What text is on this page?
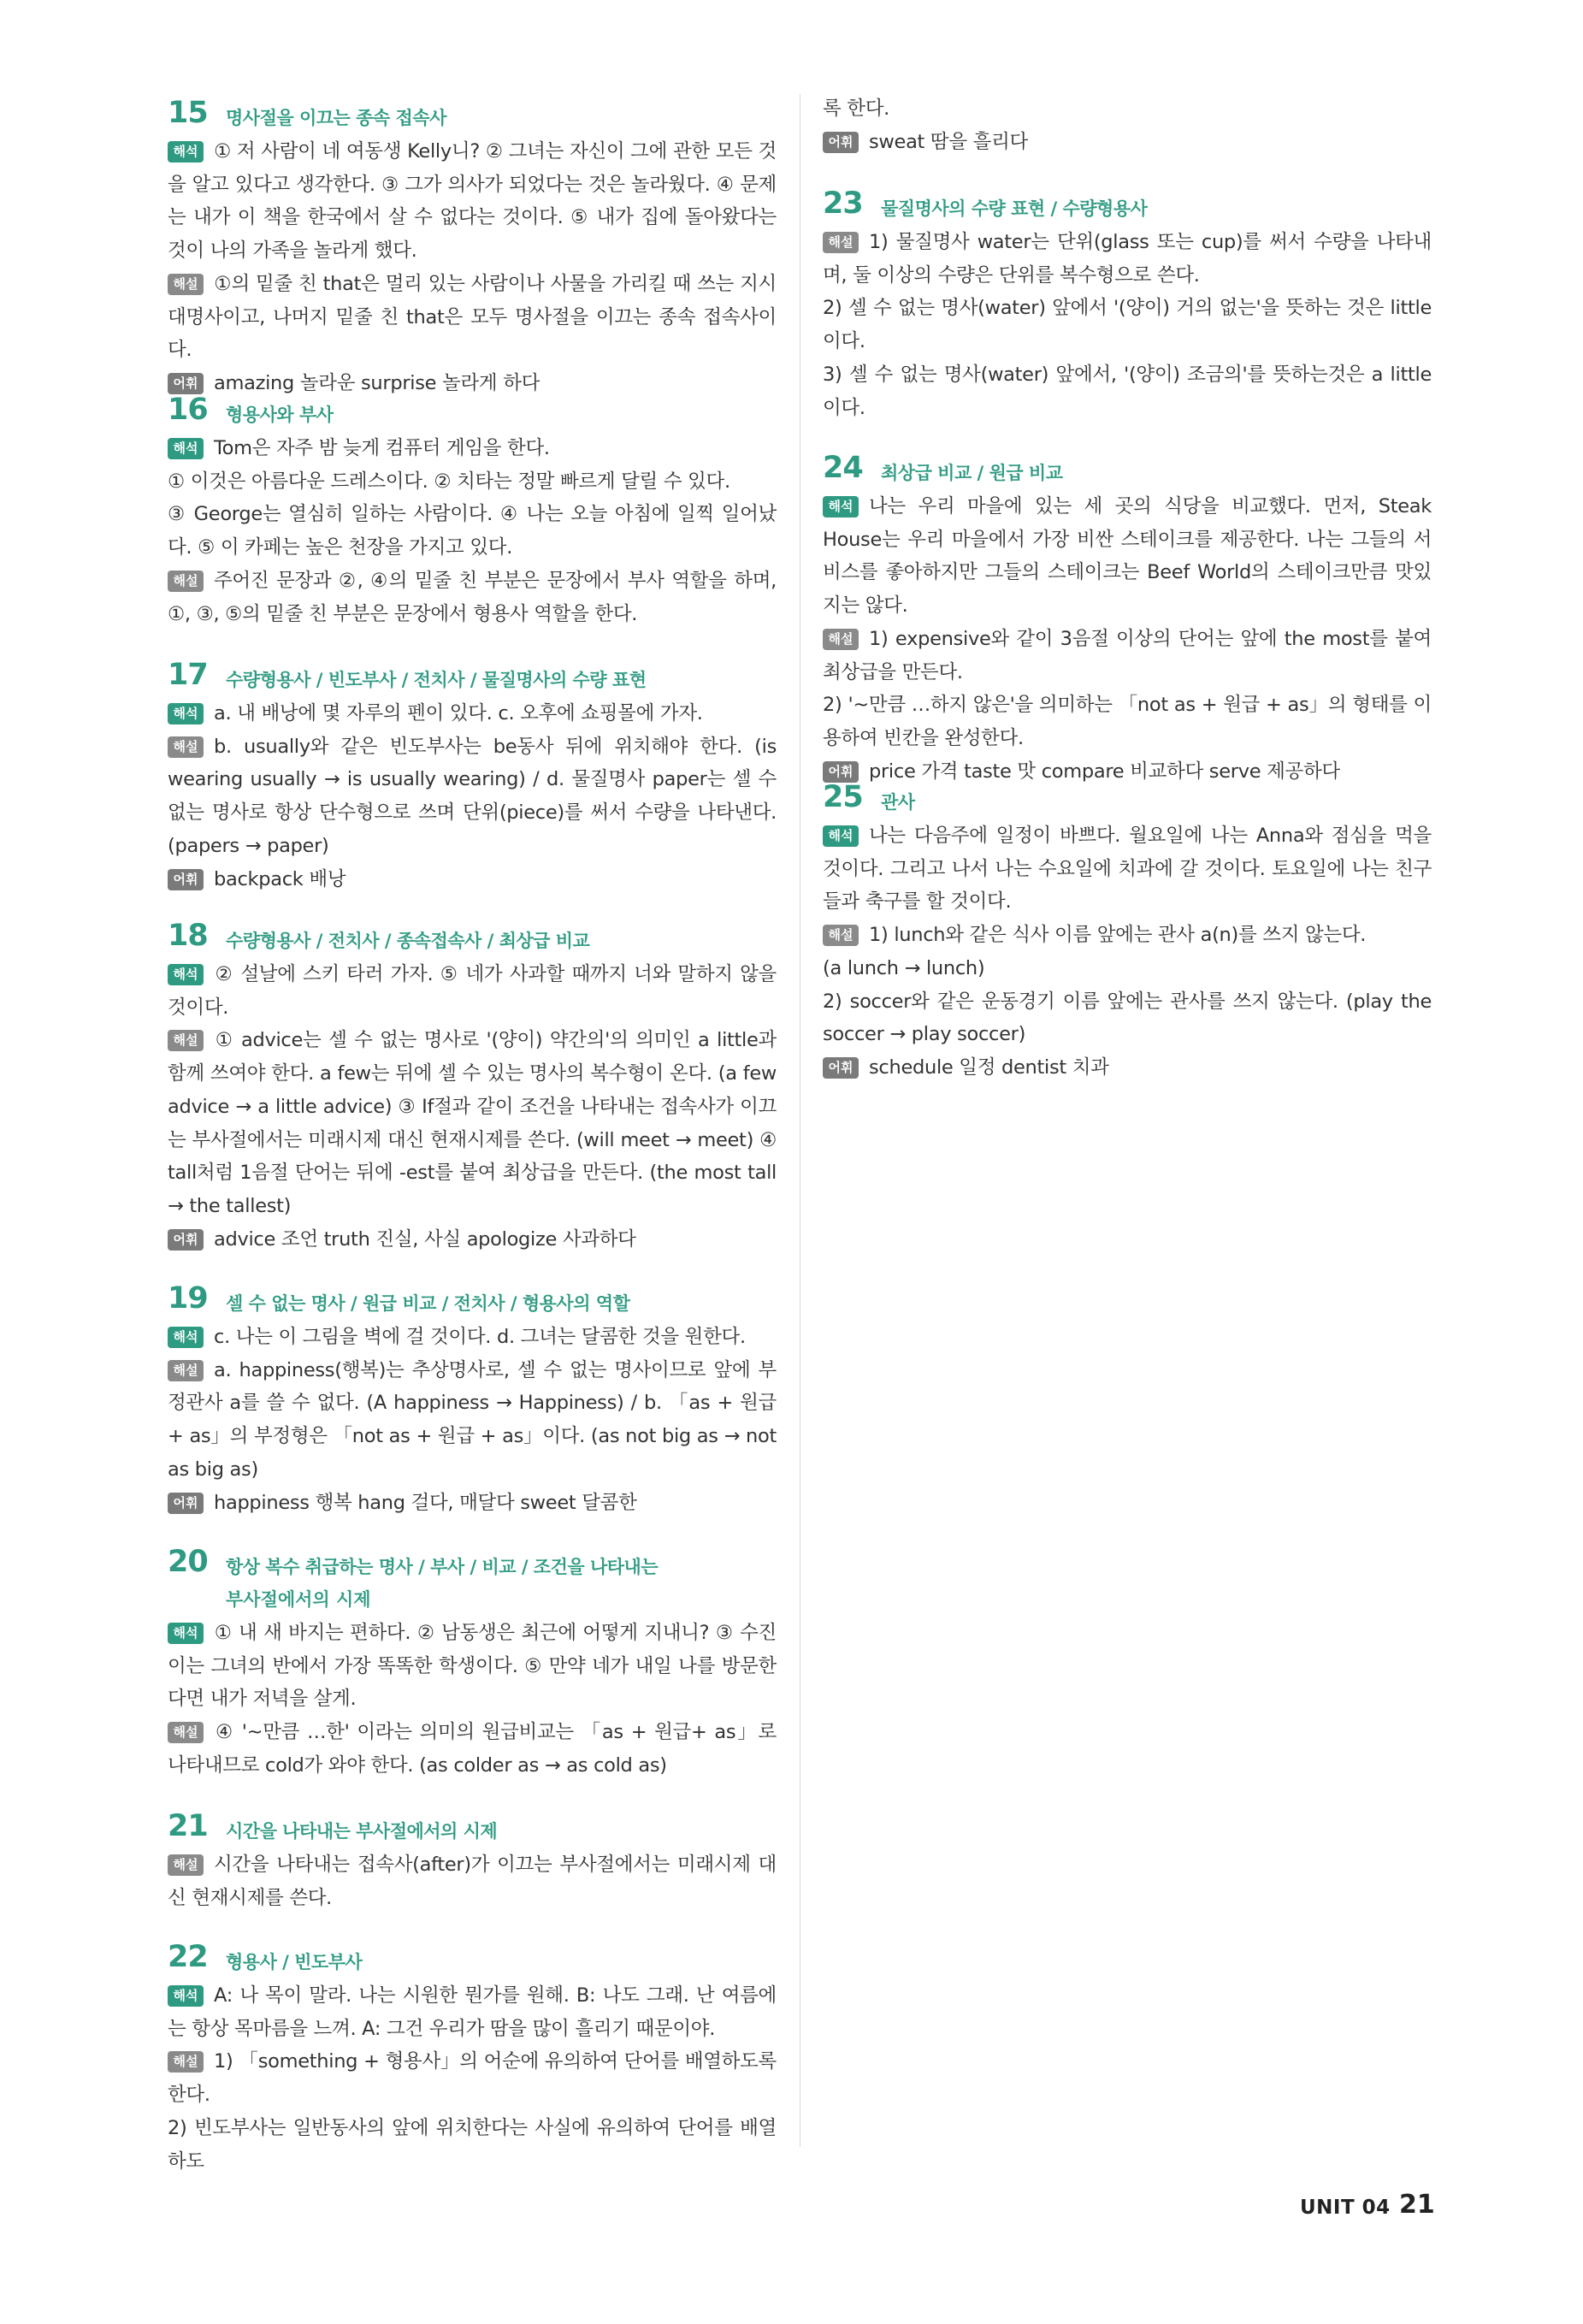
15 명사절을 이끄는 종속 접속사
해석 ① 저 사람이 네 여동생 Kelly니? ② 그녀는 자신이 그에 관한 모든 것을 알고 있다고 생각한다. ③ 그가 의사가 되었다는 것은 놀라웠다. ④ 문제는 내가 이 책을 한국에서 살 수 없다는 것이다. ⑤ 내가 집에 돌아왔다는 것이 나의 가족을 놀라게 했다.
해설 ①의 밑줄 친 that은 멀리 있는 사람이나 사물을 가리킬 때 쓰는 지시대명사이고, 나머지 밑줄 친 that은 모두 명사절을 이끄는 종속 접속사이다.
어휘 amazing 놀라운 surprise 놀라게 하다
16 형용사와 부사
해석 Tom은 자주 밤 늦게 컴퓨터 게임을 한다.
① 이것은 아름다운 드레스이다. ② 치타는 정말 빠르게 달릴 수 있다.
③ George는 열심히 일하는 사람이다. ④ 나는 오늘 아침에 일찍 일어났다. ⑤ 이 카페는 높은 천장을 가지고 있다.
해설 주어진 문장과 ②, ④의 밑줄 친 부분은 문장에서 부사 역할을 하며, ①, ③, ⑤의 밑줄 친 부분은 문장에서 형용사 역할을 한다.
17 수량형용사 / 빈도부사 / 전치사 / 물질명사의 수량 표현
해석 a. 내 배낭에 몇 자루의 펜이 있다. c. 오후에 쇼핑몰에 가자.
해설 b. usually와 같은 빈도부사는 be동사 뒤에 위치해야 한다. (is wearing usually → is usually wearing) / d. 물질명사 paper는 셀 수 없는 명사로 항상 단수형으로 쓰며 단위(piece)를 써서 수량을 나타낸다. (papers → paper)
어휘 backpack 배낭
18 수량형용사 / 전치사 / 종속접속사 / 최상급 비교
해석 ② 설날에 스키 타러 가자. ⑤ 네가 사과할 때까지 너와 말하지 않을 것이다.
해설 ① advice는 셀 수 없는 명사로 '(양이) 약간의'의 의미인 a little과 함께 쓰여야 한다. a few는 뒤에 셀 수 있는 명사의 복수형이 온다. (a few advice → a little advice) ③ If절과 같이 조건을 나타내는 접속사가 이끄는 부사절에서는 미래시제 대신 현재시제를 쓴다. (will meet → meet) ④ tall처럼 1음절 단어는 뒤에 -est를 붙여 최상급을 만든다. (the most tall → the tallest)
어휘 advice 조언 truth 진실, 사실 apologize 사과하다
19 셀 수 없는 명사 / 원급 비교 / 전치사 / 형용사의 역할
해석 c. 나는 이 그림을 벽에 걸 것이다. d. 그녀는 달콤한 것을 원한다.
해설 a. happiness(행복)는 추상명사로, 셀 수 없는 명사이므로 앞에 부정관사 a를 쓸 수 없다. (A happiness → Happiness) / b. 「as + 원급 + as」의 부정형은 「not as + 원급 + as」이다. (as not big as → not as big as)
어휘 happiness 행복 hang 걸다, 매달다 sweet 달콤한
20 항상 복수 취급하는 명사 / 부사 / 비교 / 조건을 나타내는
부사절에서의 시제
해석 ① 내 새 바지는 편하다. ② 남동생은 최근에 어떻게 지내니? ③ 수진이는 그녀의 반에서 가장 똑똑한 학생이다. ⑤ 만약 네가 내일 나를 방문한다면 내가 저녁을 살게.
해설 ④ '~만큼 …한' 이라는 의미의 원급비교는 「as + 원급+ as」로 나타내므로 cold가 와야 한다. (as colder as → as cold as)
21 시간을 나타내는 부사절에서의 시제
해설 시간을 나타내는 접속사(after)가 이끄는 부사절에서는 미래시제 대신 현재시제를 쓴다.
22 형용사 / 빈도부사
해석 A: 나 목이 말라. 나는 시원한 뭔가를 원해. B: 나도 그래. 난 여름에는 항상 목마름을 느껴. A: 그건 우리가 땀을 많이 흘리기 때문이야.
해설 1) 「something + 형용사」의 어순에 유의하여 단어를 배열하도록 한다.
2) 빈도부사는 일반동사의 앞에 위치한다는 사실에 유의하여 단어를 배열하도
록 한다.
어휘 sweat 땀을 흘리다
23 물질명사의 수량 표현 / 수량형용사
해설 1) 물질명사 water는 단위(glass 또는 cup)를 써서 수량을 나타내며, 둘 이상의 수량은 단위를 복수형으로 쓴다.
2) 셀 수 없는 명사(water) 앞에서 '(양이) 거의 없는'을 뜻하는 것은 little이다.
3) 셀 수 없는 명사(water) 앞에서, '(양이) 조금의'를 뜻하는것은 a little이다.
24 최상급 비교 / 원급 비교
해석 나는 우리 마을에 있는 세 곳의 식당을 비교했다. 먼저, Steak House는 우리 마을에서 가장 비싼 스테이크를 제공한다. 나는 그들의 서비스를 좋아하지만 그들의 스테이크는 Beef World의 스테이크만큼 맛있지는 않다.
해설 1) expensive와 같이 3음절 이상의 단어는 앞에 the most를 붙여 최상급을 만든다.
2) '~만큼 …하지 않은'을 의미하는 「not as + 원급 + as」의 형태를 이용하여 빈칸을 완성한다.
어휘 price 가격 taste 맛 compare 비교하다 serve 제공하다
25 관사
해석 나는 다음주에 일정이 바쁘다. 월요일에 나는 Anna와 점심을 먹을 것이다. 그리고 나서 나는 수요일에 치과에 갈 것이다. 토요일에 나는 친구들과 축구를 할 것이다.
해설 1) lunch와 같은 식사 이름 앞에는 관사 a(n)를 쓰지 않는다.
(a lunch → lunch)
2) soccer와 같은 운동경기 이름 앞에는 관사를 쓰지 않는다. (play the soccer → play soccer)
어휘 schedule 일정 dentist 치과
UNIT 04 21
